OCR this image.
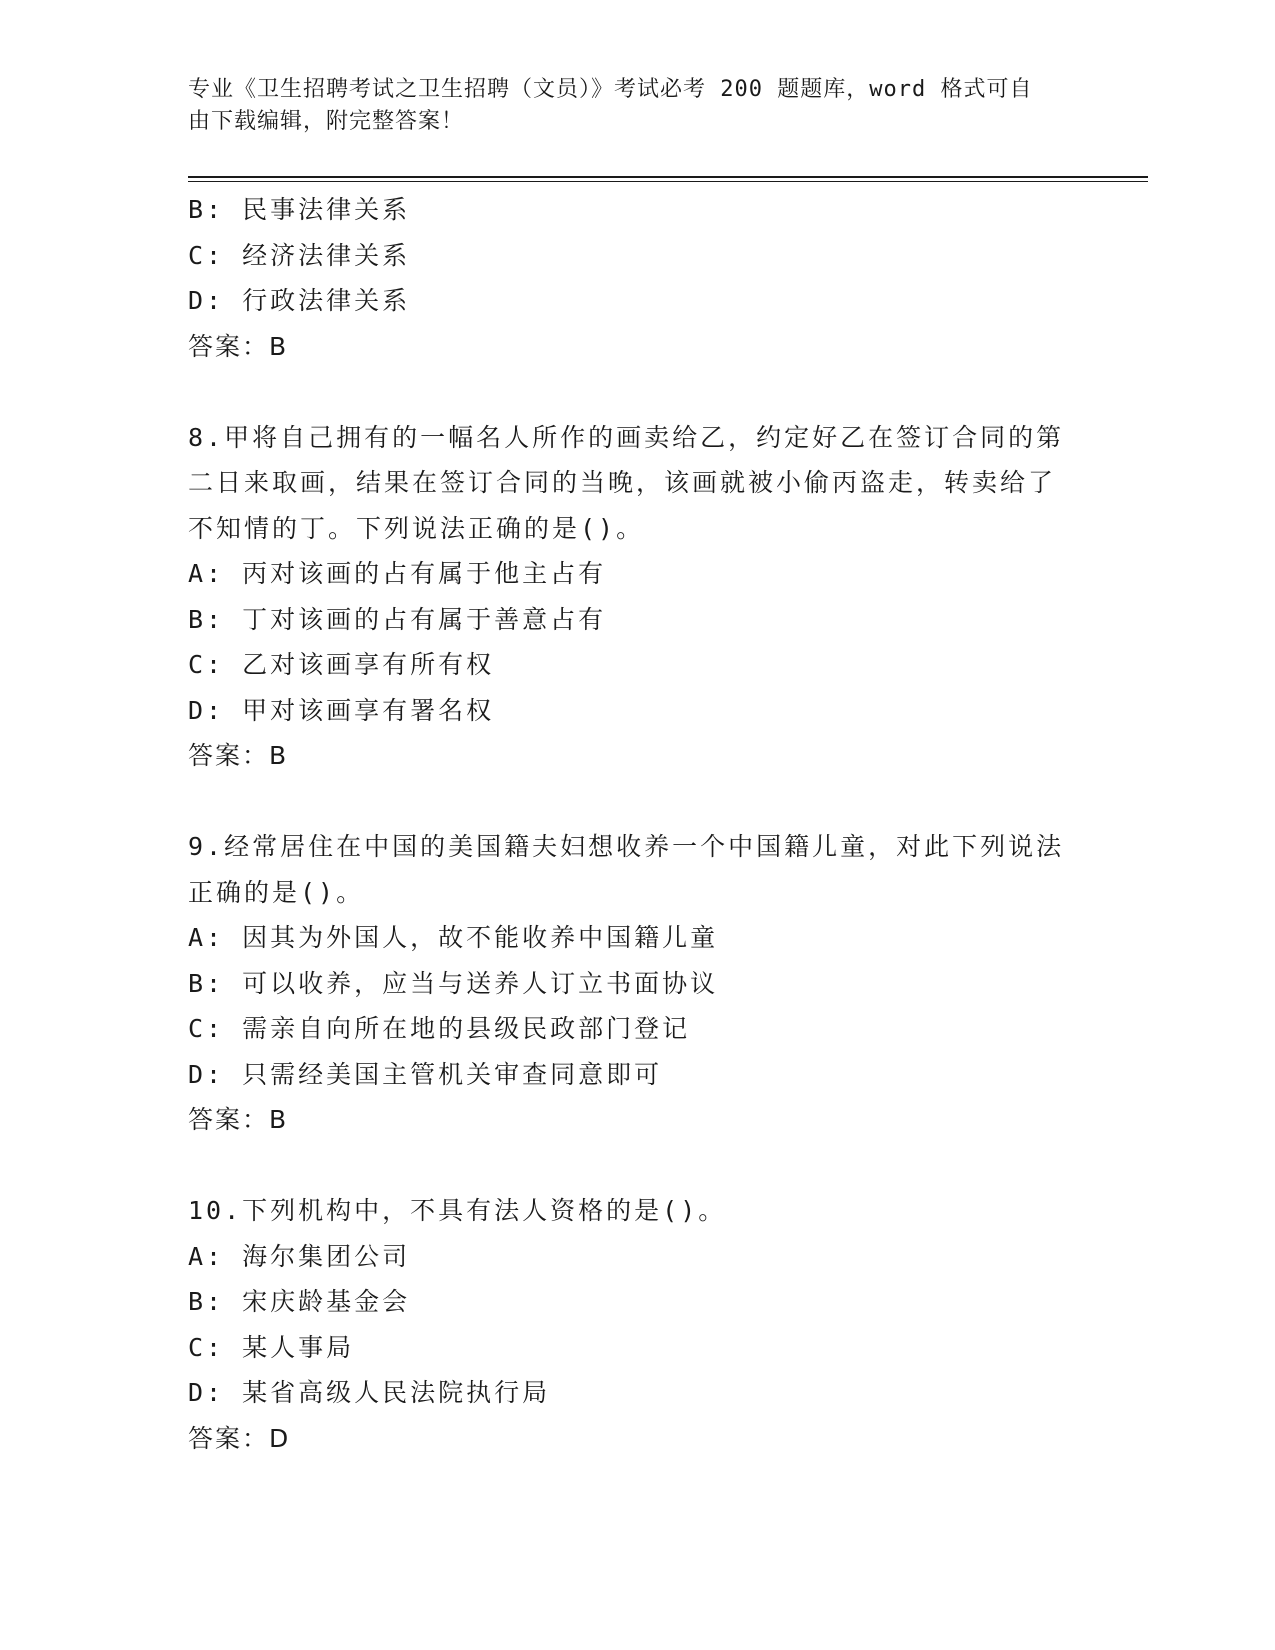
专业《卫生招聘考试之卫生招聘（文员）》考试必考 200 题题库，word 格式可自
由下载编辑，附完整答案！
B: 民事法律关系
C: 经济法律关系
D: 行政法律关系
答案：B
8.甲将自己拥有的一幅名人所作的画卖给乙，约定好乙在签订合同的第二日来取画，结果在签订合同的当晚，该画就被小偷丙盗走，转卖给了不知情的丁。下列说法正确的是()。
A: 丙对该画的占有属于他主占有
B: 丁对该画的占有属于善意占有
C: 乙对该画享有所有权
D: 甲对该画享有署名权
答案：B
9.经常居住在中国的美国籍夫妇想收养一个中国籍儿童，对此下列说法正确的是()。
A: 因其为外国人，故不能收养中国籍儿童
B: 可以收养，应当与送养人订立书面协议
C: 需亲自向所在地的县级民政部门登记
D: 只需经美国主管机关审查同意即可
答案：B
10.下列机构中，不具有法人资格的是()。
A: 海尔集团公司
B: 宋庆龄基金会
C: 某人事局
D: 某省高级人民法院执行局
答案：D
